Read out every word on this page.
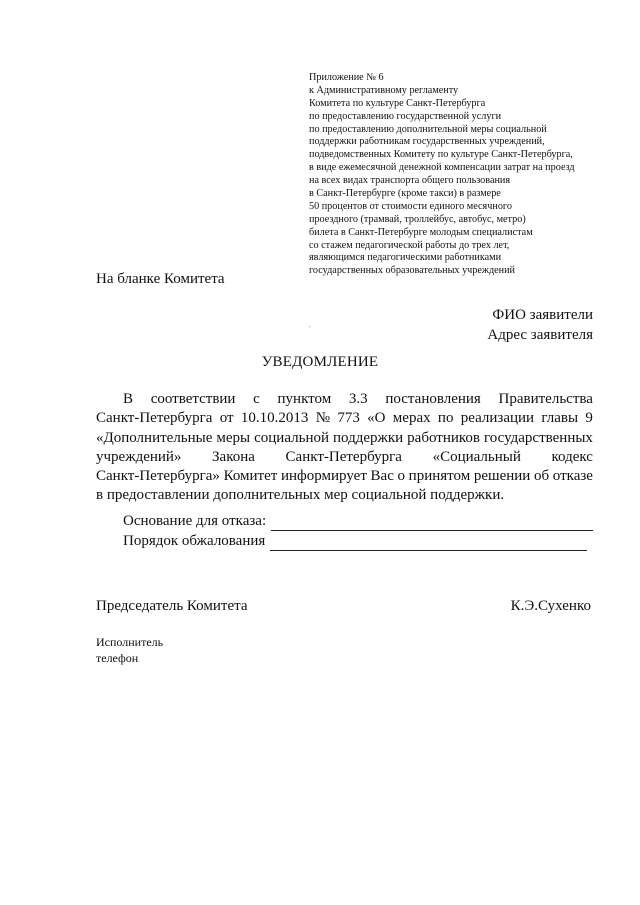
Приложение № 6
к Административному регламенту
Комитета по культуре Санкт-Петербурга
по предоставлению государственной услуги
по предоставлению дополнительной меры социальной
поддержки работникам государственных учреждений,
подведомственных Комитету по культуре Санкт-Петербурга,
в виде ежемесячной денежной компенсации затрат на проезд
на всех видах транспорта общего пользования
в Санкт-Петербурге (кроме такси) в размере
50 процентов от стоимости единого месячного
проездного (трамвай, троллейбус, автобус, метро)
билета в Санкт-Петербурге молодым специалистам
со стажем педагогической работы до трех лет,
являющимся педагогическими работниками
государственных образовательных учреждений
На бланке Комитета
ФИО заявители
Адрес заявителя
УВЕДОМЛЕНИЕ
В соответствии с пунктом 3.3 постановления Правительства
Санкт-Петербурга от 10.10.2013 № 773 «О мерах по реализации главы 9
«Дополнительные меры социальной поддержки работников государственных
учреждений» Закона Санкт-Петербурга «Социальный кодекс
Санкт-Петербурга» Комитет информирует Вас о принятом решении об отказе
в предоставлении дополнительных мер социальной поддержки.
Основание для отказа:
Порядок обжалования
Председатель Комитета	К.Э.Сухенко
Исполнитель
телефон
